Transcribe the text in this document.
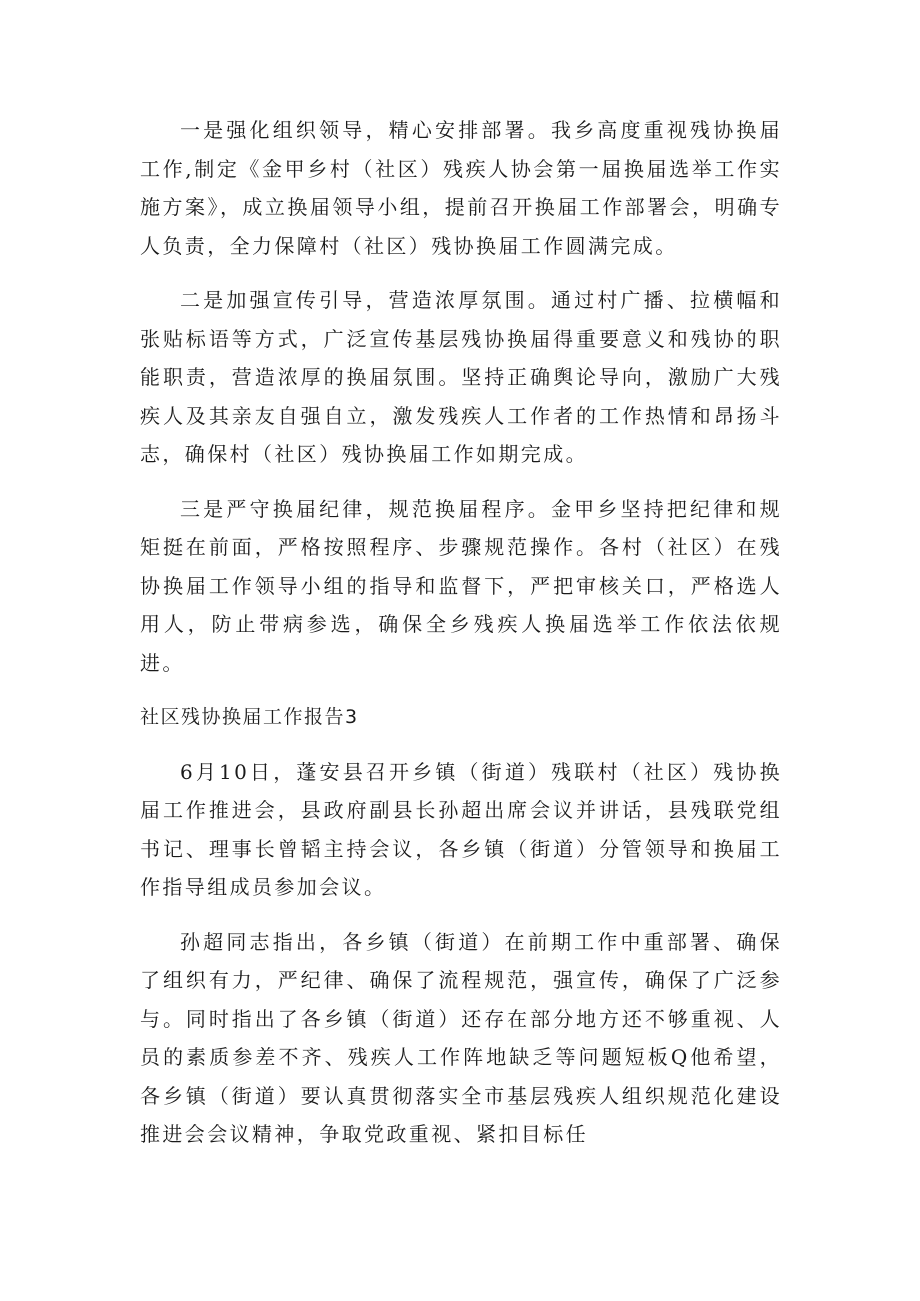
一是强化组织领导，精心安排部署。我乡高度重视残协换届工作,制定《金甲乡村（社区）残疾人协会第一届换届选举工作实施方案》，成立换届领导小组，提前召开换届工作部署会，明确专人负责，全力保障村（社区）残协换届工作圆满完成。

二是加强宣传引导，营造浓厚氛围。通过村广播、拉横幅和张贴标语等方式，广泛宣传基层残协换届得重要意义和残协的职能职责，营造浓厚的换届氛围。坚持正确舆论导向，激励广大残疾人及其亲友自强自立，激发残疾人工作者的工作热情和昂扬斗志，确保村（社区）残协换届工作如期完成。

三是严守换届纪律，规范换届程序。金甲乡坚持把纪律和规矩挺在前面，严格按照程序、步骤规范操作。各村（社区）在残协换届工作领导小组的指导和监督下，严把审核关口，严格选人用人，防止带病参选，确保全乡残疾人换届选举工作依法依规进。

社区残协换届工作报告3

6月10日，蓬安县召开乡镇（街道）残联村（社区）残协换届工作推进会，县政府副县长孙超出席会议并讲话，县残联党组书记、理事长曾韬主持会议，各乡镇（街道）分管领导和换届工作指导组成员参加会议。

孙超同志指出，各乡镇（街道）在前期工作中重部署、确保了组织有力，严纪律、确保了流程规范，强宣传，确保了广泛参与。同时指出了各乡镇（街道）还存在部分地方还不够重视、人员的素质参差不齐、残疾人工作阵地缺乏等问题短板Q他希望，各乡镇（街道）要认真贯彻落实全市基层残疾人组织规范化建设推进会会议精神，争取党政重视、紧扣目标任
